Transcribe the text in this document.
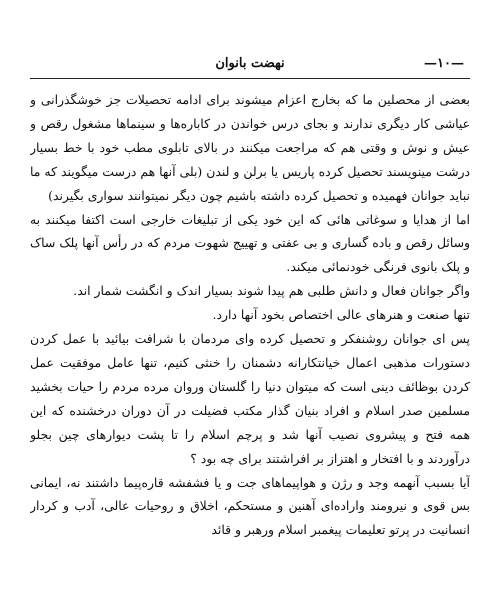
—١٠—
نهضت بانوان

بعضی از محصلین ما که بخارج اعزام میشوند برای ادامه تحصیلات جز خوشگذرانی و عیاشی کار دیگری ندارند و بجای درس خواندن در کاباره‌ها و سینماها مشغول رقص و عیش و نوش و وقتی هم که مراجعت میکنند در بالای تابلوی مطب خود با خط بسیار درشت مینویسند تحصیل کرده پاریس یا برلن و لندن (بلی آنها هم درست میگویند که ما نباید جوانان فهمیده و تحصیل کرده داشته باشیم چون دیگر نمیتوانند سواری بگیرند)

اما از هدایا و سوغاتی هائی که این خود یکی از تبلیغات خارجی است اکتفا میکنند به وسائل رقص و باده گساری و بی عفتی و تهییج شهوت مردم که در رأس آنها پلک ساک و پلک بانوی فرنگی خودنمائی میکند.

واگر جوانان فعال و دانش طلبی هم پیدا شوند بسیار اندک و انگشت شمار اند.

تنها صنعت و هنرهای عالی اختصاص بخود آنها دارد.

پس ای جوانان روشنفکر و تحصیل کرده وای مردمان با شرافت بیائید با عمل کردن دستورات مذهبی اعمال خیانتکارانه دشمنان را خنثی کنیم، تنها عامل موفقیت عمل کردن بوظائف دینی است که میتوان دنیا را گلستان وروان مرده مردم را حیات بخشید مسلمین صدر اسلام و افراد بنیان گذار مکتب فضیلت در آن دوران درخشنده که این همه فتح و پیشروی نصیب آنها شد و پرچم اسلام را تا پشت دیوارهای چین بجلو درآوردند و با افتخار و اهتزاز بر افراشتند برای چه بود ؟

آیا بسبب آنهمه وجد و رژن و هواپیماهای جت و یا فشفشه قاره‌پیما داشتند نه، ایمانی بس قوی و نیرومند واراده‌ای آهنین و مستحکم، اخلاق و روحیات عالی، آدب و کردار انسانیت در پرتو تعلیمات پیغمبر اسلام ورهبر و قائد
